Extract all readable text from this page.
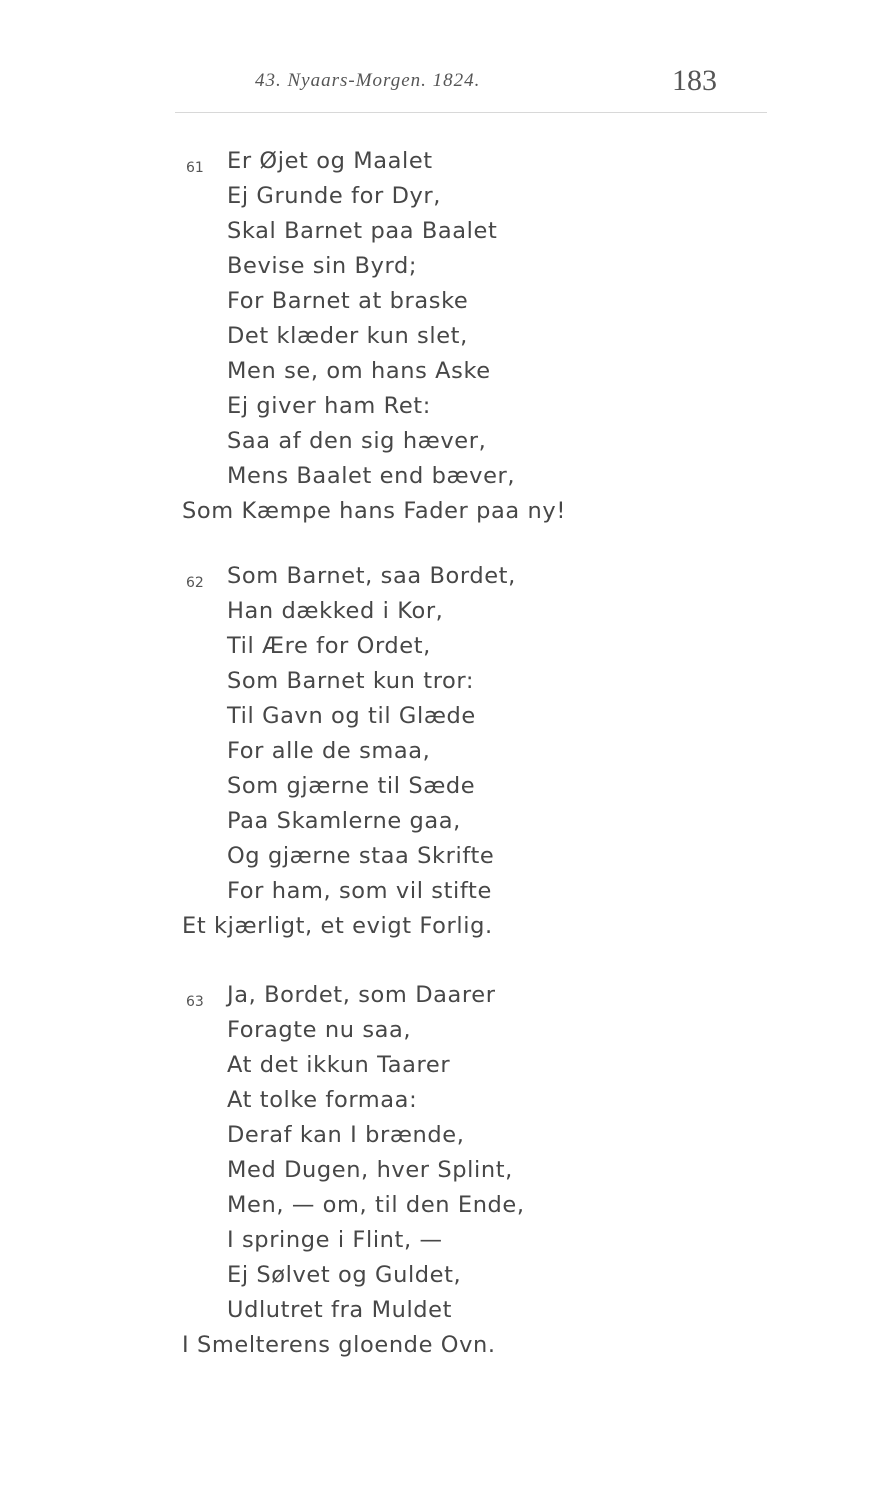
43. Nyaars-Morgen. 1824.	183
61 Er Øjet og Maalet
Ej Grunde for Dyr,
Skal Barnet paa Baalet
Bevise sin Byrd;
For Barnet at braske
Det klæder kun slet,
Men se, om hans Aske
Ej giver ham Ret:
Saa af den sig hæver,
Mens Baalet end bæver,
Som Kæmpe hans Fader paa ny!
62 Som Barnet, saa Bordet,
Han dækked i Kor,
Til Ære for Ordet,
Som Barnet kun tror:
Til Gavn og til Glæde
For alle de smaa,
Som gjærne til Sæde
Paa Skamlerne gaa,
Og gjærne staa Skrifte
For ham, som vil stifte
Et kjærligt, et evigt Forlig.
63 Ja, Bordet, som Daarer
Foragte nu saa,
At det ikkun Taarer
At tolke formaa:
Deraf kan I brænde,
Med Dugen, hver Splint,
Men, — om, til den Ende,
I springe i Flint, —
Ej Sølvet og Guldet,
Udlutret fra Muldet
I Smelterens gloende Ovn.
